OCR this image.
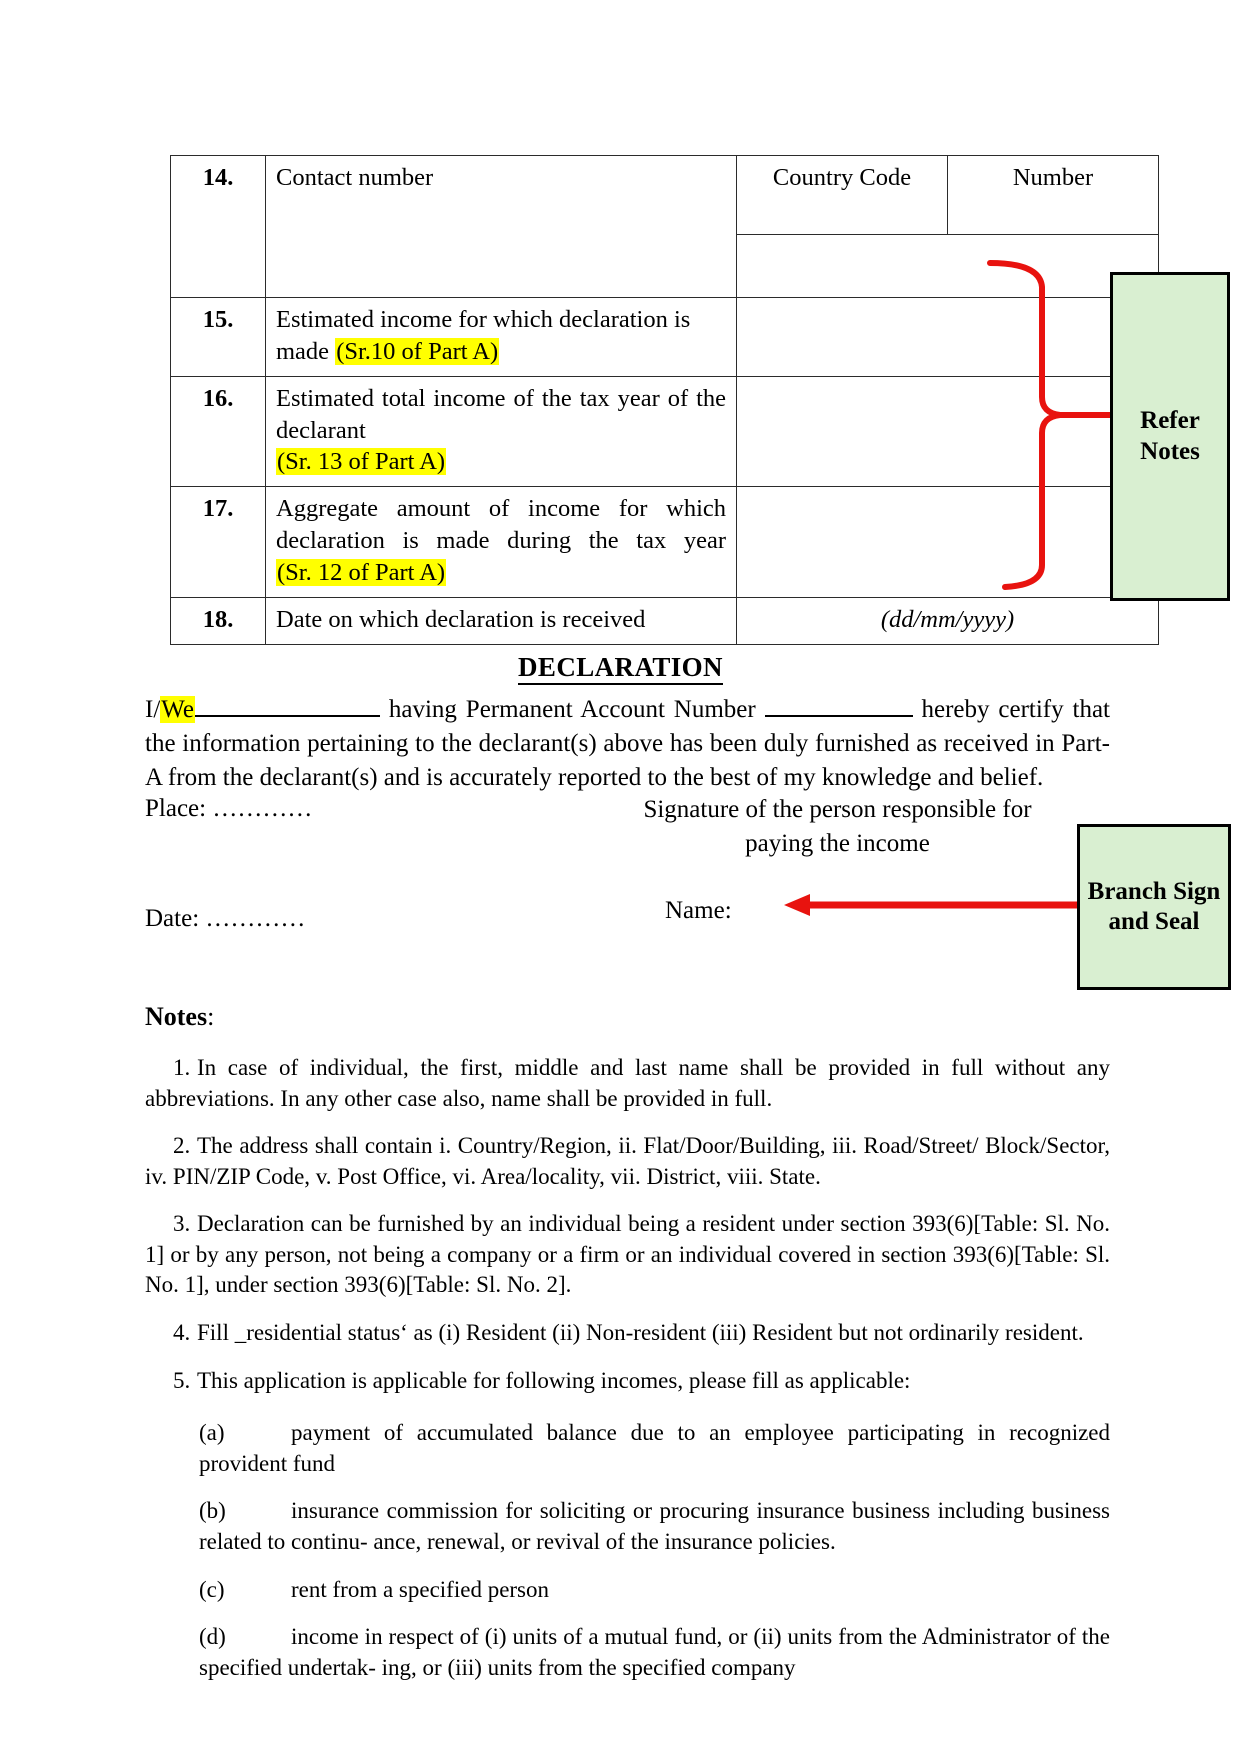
14.	Contact number	Country Code	Number

15.	Estimated income for which declaration is made (Sr.10 of Part A)		
16.	Estimated total income of the tax year of the declarant
(Sr. 13 of Part A)		
17.	Aggregate amount of income for which declaration is made during the tax year
(Sr. 12 of Part A)		
18.	Date on which declaration is received	(dd/mm/yyyy)	
Refer Notes
DECLARATION
I/We	having Permanent Account Number	hereby certify that the information pertaining to the declarant(s) above has been duly furnished as received in Part-A from the declarant(s) and is accurately reported to the best of my knowledge and belief.
Place: …………
Date: …………
Signature of the person responsible for
paying the income
Name:
Branch Sign and Seal
Notes:
1. In case of individual, the first, middle and last name shall be provided in full without any abbreviations. In any other case also, name shall be provided in full.
2. The address shall contain i. Country/Region, ii. Flat/Door/Building, iii. Road/Street/ Block/Sector, iv. PIN/ZIP Code, v. Post Office, vi. Area/locality, vii. District, viii. State.
3. Declaration can be furnished by an individual being a resident under section 393(6)[Table: Sl. No. 1] or by any person, not being a company or a firm or an individual covered in section 393(6)[Table: Sl. No. 1], under section 393(6)[Table: Sl. No. 2].
4. Fill _residential status‘ as (i) Resident (ii) Non-resident (iii) Resident but not ordinarily resident.
5. This application is applicable for following incomes, please fill as applicable:
(a)	payment of accumulated balance due to an employee participating in recognized provident fund
(b)	insurance commission for soliciting or procuring insurance business including business related to continu- ance, renewal, or revival of the insurance policies.
(c)	rent from a specified person
(d)	income in respect of (i) units of a mutual fund, or (ii) units from the Administrator of the specified undertak- ing, or (iii) units from the specified company
